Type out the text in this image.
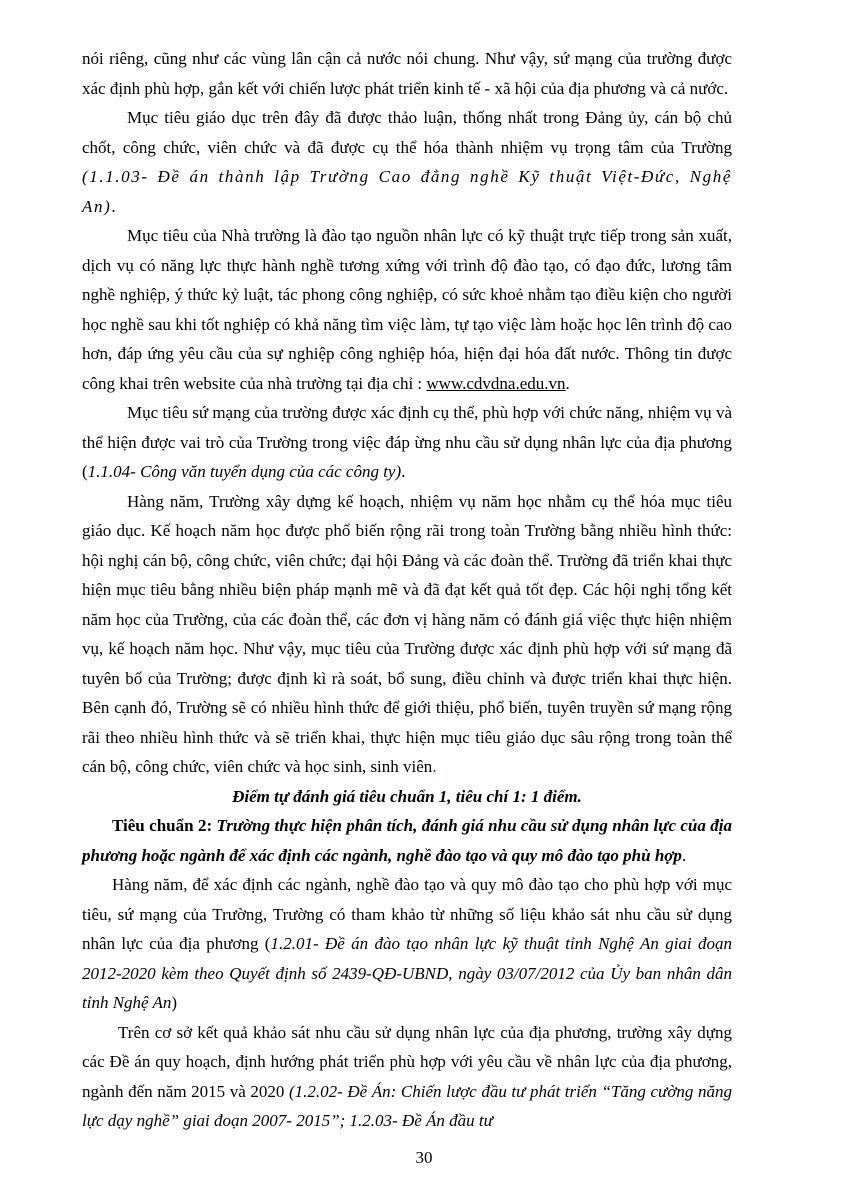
nói riêng, cũng như các vùng lân cận cả nước nói chung. Như vậy, sứ mạng của trường được xác định phù hợp, gắn kết với chiến lược phát triển kinh tế - xã hội của địa phương và cả nước.

Mục tiêu giáo dục trên đây đã được thảo luận, thống nhất trong Đảng ủy, cán bộ chủ chốt, công chức, viên chức và đã được cụ thể hóa thành nhiệm vụ trọng tâm của Trường (1.1.03- Đề án thành lập Trường Cao đẳng nghề Kỹ thuật Việt-Đức, Nghệ An).

Mục tiêu của Nhà trường là đào tạo nguồn nhân lực có kỹ thuật trực tiếp trong sản xuất, dịch vụ có năng lực thực hành nghề tương xứng với trình độ đào tạo, có đạo đức, lương tâm nghề nghiệp, ý thức kỷ luật, tác phong công nghiệp, có sức khoẻ nhằm tạo điều kiện cho người học nghề sau khi tốt nghiệp có khả năng tìm việc làm, tự tạo việc làm hoặc học lên trình độ cao hơn, đáp ứng yêu cầu của sự nghiệp công nghiệp hóa, hiện đại hóa đất nước. Thông tin được công khai trên website của nhà trường tại địa chỉ : www.cdvdna.edu.vn.

Mục tiêu sứ mạng của trường được xác định cụ thể, phù hợp với chức năng, nhiệm vụ và thể hiện được vai trò của Trường trong việc đáp ừng nhu cầu sử dụng nhân lực của địa phương (1.1.04- Công văn tuyển dụng của các công ty).

Hàng năm, Trường xây dựng kế hoạch, nhiệm vụ năm học nhằm cụ thể hóa mục tiêu giáo dục. Kế hoạch năm học được phổ biến rộng rãi trong toàn Trường bằng nhiều hình thức: hội nghị cán bộ, công chức, viên chức; đại hội Đảng và các đoàn thể. Trường đã triển khai thực hiện mục tiêu bằng nhiều biện pháp mạnh mẽ và đã đạt kết quả tốt đẹp. Các hội nghị tổng kết năm học của Trường, của các đoàn thể, các đơn vị hàng năm có đánh giá việc thực hiện nhiệm vụ, kế hoạch năm học. Như vậy, mục tiêu của Trường được xác định phù hợp với sứ mạng đã tuyên bố của Trường; được định kì rà soát, bổ sung, điều chỉnh và được triển khai thực hiện. Bên cạnh đó, Trường sẽ có nhiều hình thức để giới thiệu, phổ biến, tuyên truyền sứ mạng rộng rãi theo nhiều hình thức và sẽ triển khai, thực hiện mục tiêu giáo dục sâu rộng trong toàn thể cán bộ, công chức, viên chức và học sinh, sinh viên.

Điểm tự đánh giá tiêu chuẩn 1, tiêu chí 1: 1 điểm.

Tiêu chuẩn 2: Trường thực hiện phân tích, đánh giá nhu cầu sử dụng nhân lực của địa phương hoặc ngành để xác định các ngành, nghề đào tạo và quy mô đào tạo phù hợp.

Hàng năm, để xác định các ngành, nghề đào tạo và quy mô đào tạo cho phù hợp với mục tiêu, sứ mạng của Trường, Trường có tham khảo từ những số liệu khảo sát nhu cầu sử dụng nhân lực của địa phương (1.2.01- Đề án đào tạo nhân lực kỹ thuật tỉnh Nghệ An giai đoạn 2012-2020 kèm theo Quyết định số 2439-QĐ-UBND, ngày 03/07/2012 của Ủy ban nhân dân tỉnh Nghệ An)

Trên cơ sở kết quả khảo sát nhu cầu sử dụng nhân lực của địa phương, trường xây dựng các Đề án quy hoạch, định hướng phát triển phù hợp với yêu cầu về nhân lực của địa phương, ngành đến năm 2015 và 2020 (1.2.02- Đề Án: Chiến lược đầu tư phát triển “Tăng cường năng lực dạy nghề” giai đoạn 2007- 2015”; 1.2.03- Đề Án đầu tư

30
